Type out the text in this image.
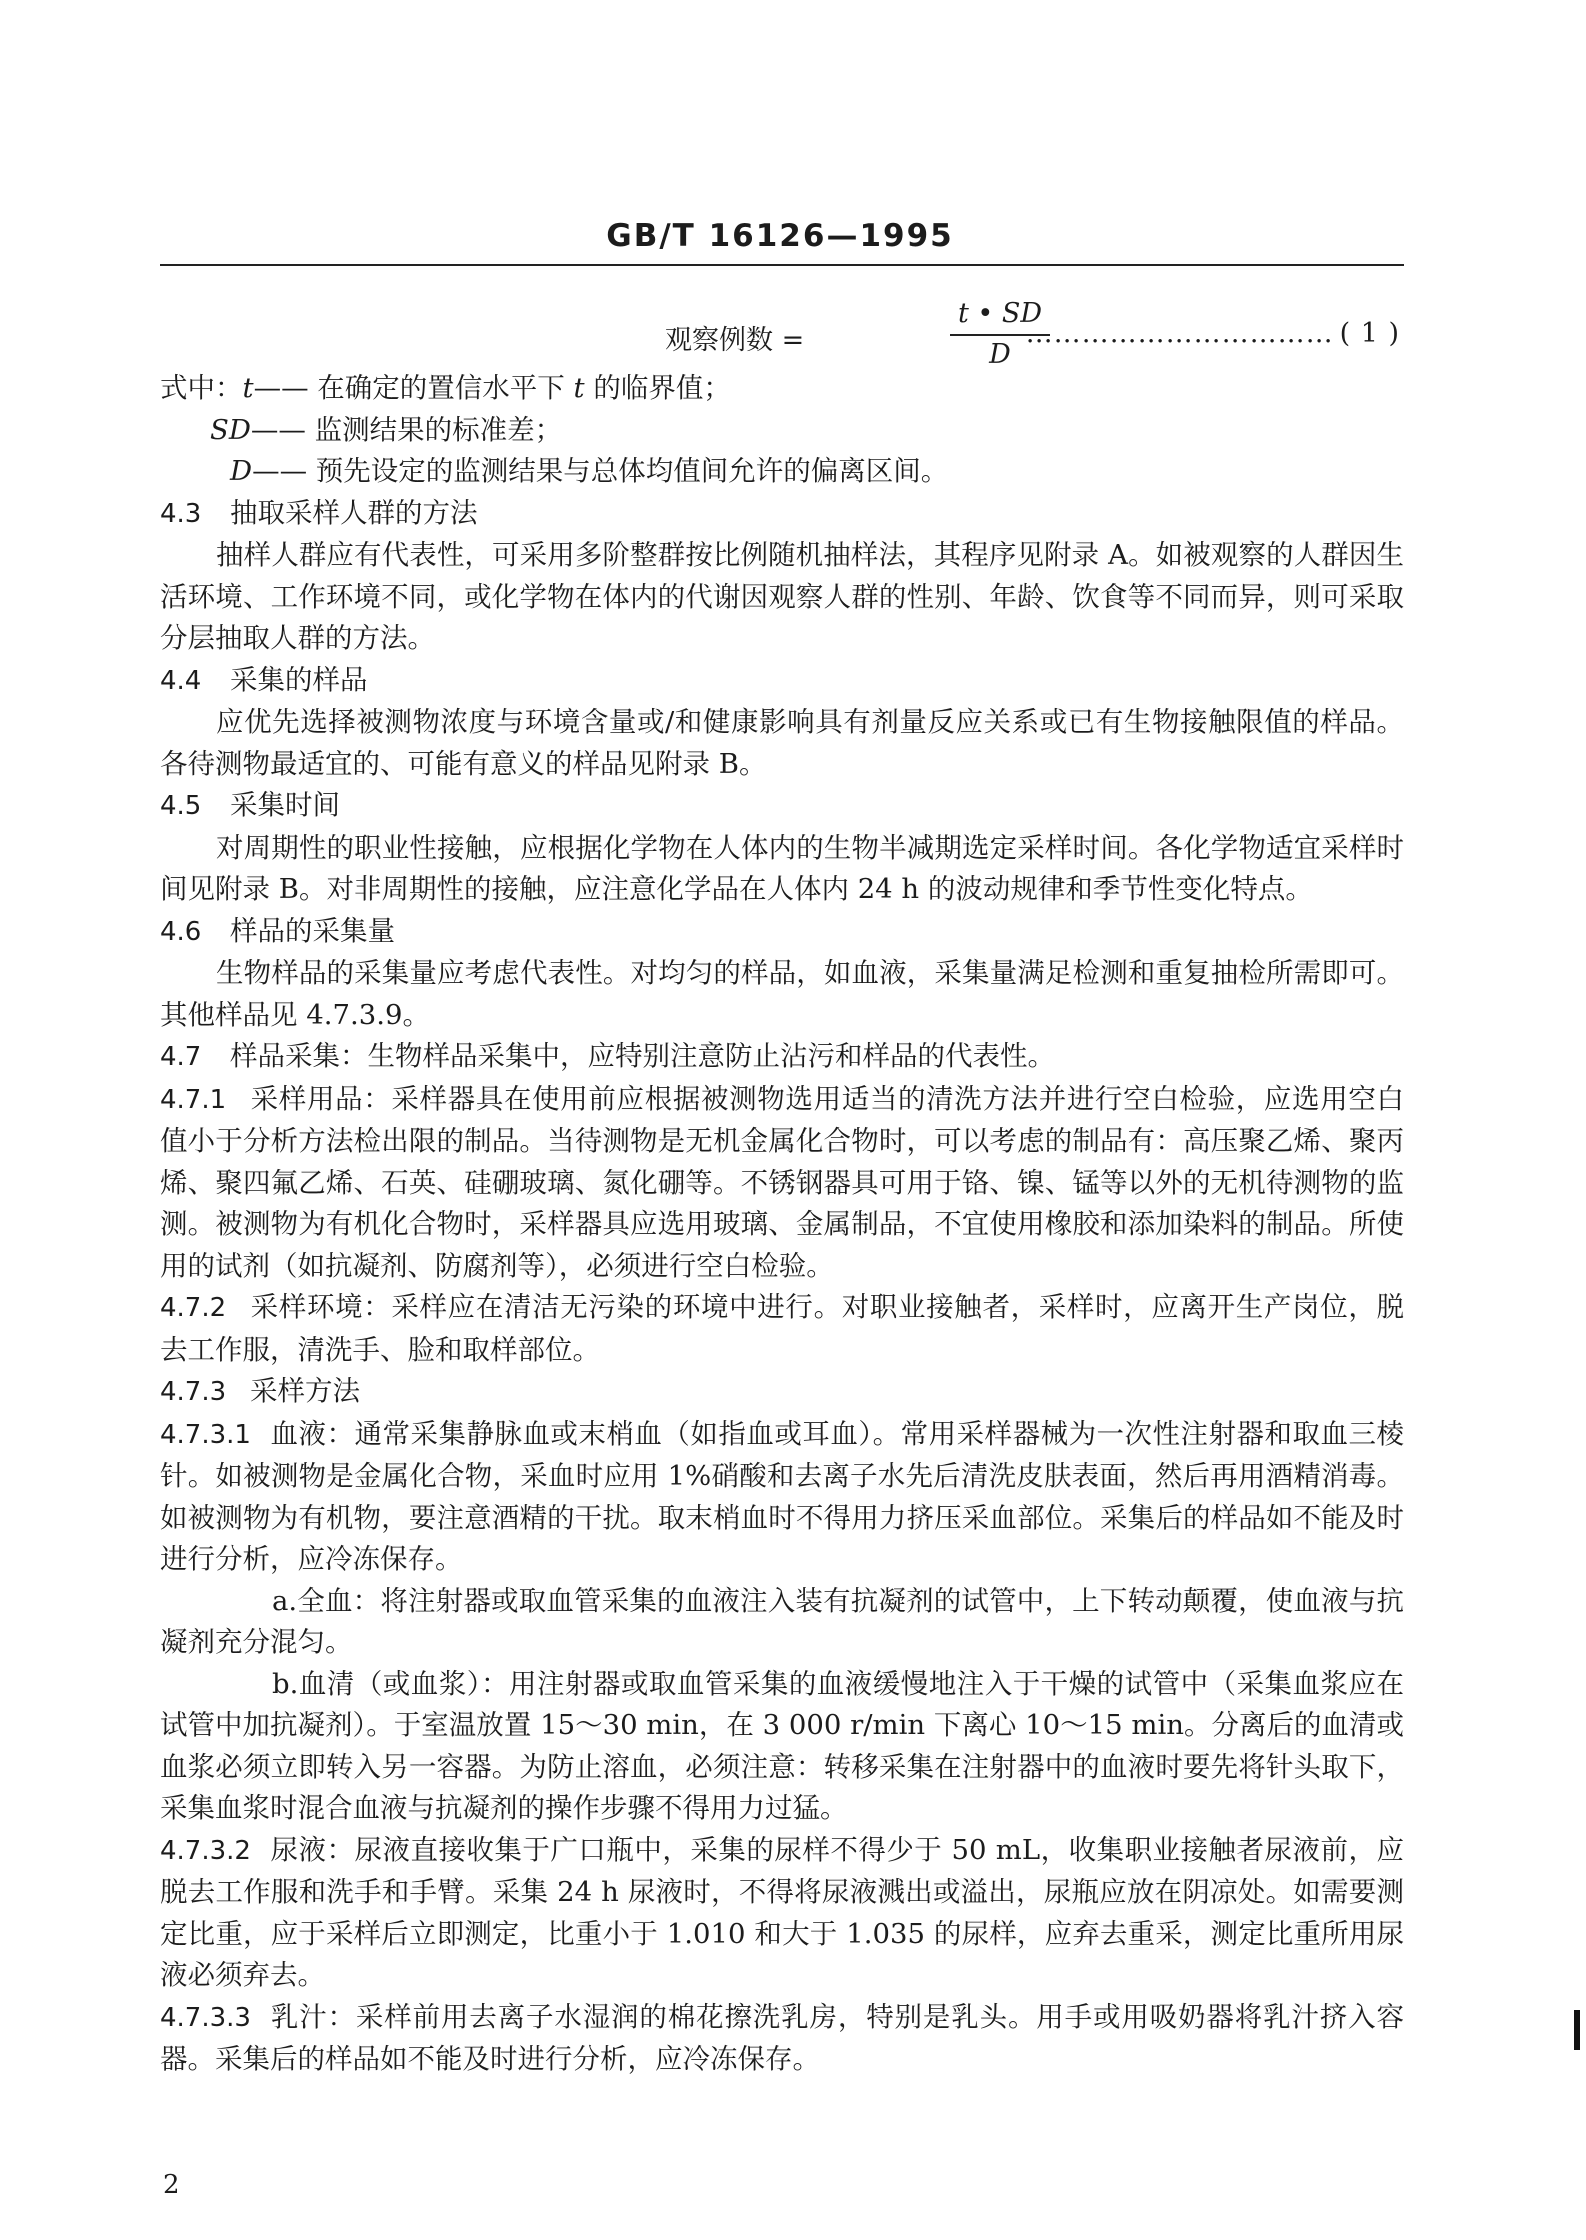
GB/T 16126—1995
观察例数 =
t • SD
D
…………………………… ( 1 )

式中：t—— 在确定的置信水平下 t 的临界值；

SD—— 监测结果的标准差；

D—— 预先设定的监测结果与总体均值间允许的偏离区间。

4.3 抽取采样人群的方法

抽样人群应有代表性，可采用多阶整群按比例随机抽样法，其程序见附录 A。如被观察的人群因生活环境、工作环境不同，或化学物在体内的代谢因观察人群的性别、年龄、饮食等不同而异，则可采取分层抽取人群的方法。

4.4 采集的样品

应优先选择被测物浓度与环境含量或/和健康影响具有剂量反应关系或已有生物接触限值的样品。各待测物最适宜的、可能有意义的样品见附录 B。

4.5 采集时间

对周期性的职业性接触，应根据化学物在人体内的生物半减期选定采样时间。各化学物适宜采样时间见附录 B。对非周期性的接触，应注意化学品在人体内 24 h 的波动规律和季节性变化特点。

4.6 样品的采集量

生物样品的采集量应考虑代表性。对均匀的样品，如血液，采集量满足检测和重复抽检所需即可。其他样品见 4.7.3.9。

4.7 样品采集：生物样品采集中，应特别注意防止沾污和样品的代表性。

4.7.1 采样用品：采样器具在使用前应根据被测物选用适当的清洗方法并进行空白检验，应选用空白值小于分析方法检出限的制品。当待测物是无机金属化合物时，可以考虑的制品有：高压聚乙烯、聚丙烯、聚四氟乙烯、石英、硅硼玻璃、氮化硼等。不锈钢器具可用于铬、镍、锰等以外的无机待测物的监测。被测物为有机化合物时，采样器具应选用玻璃、金属制品，不宜使用橡胶和添加染料的制品。所使用的试剂（如抗凝剂、防腐剂等），必须进行空白检验。

4.7.2 采样环境：采样应在清洁无污染的环境中进行。对职业接触者，采样时，应离开生产岗位，脱去工作服，清洗手、脸和取样部位。

4.7.3 采样方法

4.7.3.1 血液：通常采集静脉血或末梢血（如指血或耳血）。常用采样器械为一次性注射器和取血三棱针。如被测物是金属化合物，采血时应用 1%硝酸和去离子水先后清洗皮肤表面，然后再用酒精消毒。如被测物为有机物，要注意酒精的干扰。取末梢血时不得用力挤压采血部位。采集后的样品如不能及时进行分析，应冷冻保存。

a.全血：将注射器或取血管采集的血液注入装有抗凝剂的试管中，上下转动颠覆，使血液与抗凝剂充分混匀。

b.血清（或血浆）：用注射器或取血管采集的血液缓慢地注入于干燥的试管中（采集血浆应在试管中加抗凝剂）。于室温放置 15～30 min，在 3 000 r/min 下离心 10～15 min。分离后的血清或血浆必须立即转入另一容器。为防止溶血，必须注意：转移采集在注射器中的血液时要先将针头取下，采集血浆时混合血液与抗凝剂的操作步骤不得用力过猛。

4.7.3.2 尿液：尿液直接收集于广口瓶中，采集的尿样不得少于 50 mL，收集职业接触者尿液前，应脱去工作服和洗手和手臂。采集 24 h 尿液时，不得将尿液溅出或溢出，尿瓶应放在阴凉处。如需要测定比重，应于采样后立即测定，比重小于 1.010 和大于 1.035 的尿样，应弃去重采，测定比重所用尿液必须弃去。

4.7.3.3 乳汁：采样前用去离子水湿润的棉花擦洗乳房，特别是乳头。用手或用吸奶器将乳汁挤入容器。采集后的样品如不能及时进行分析，应冷冻保存。

2
